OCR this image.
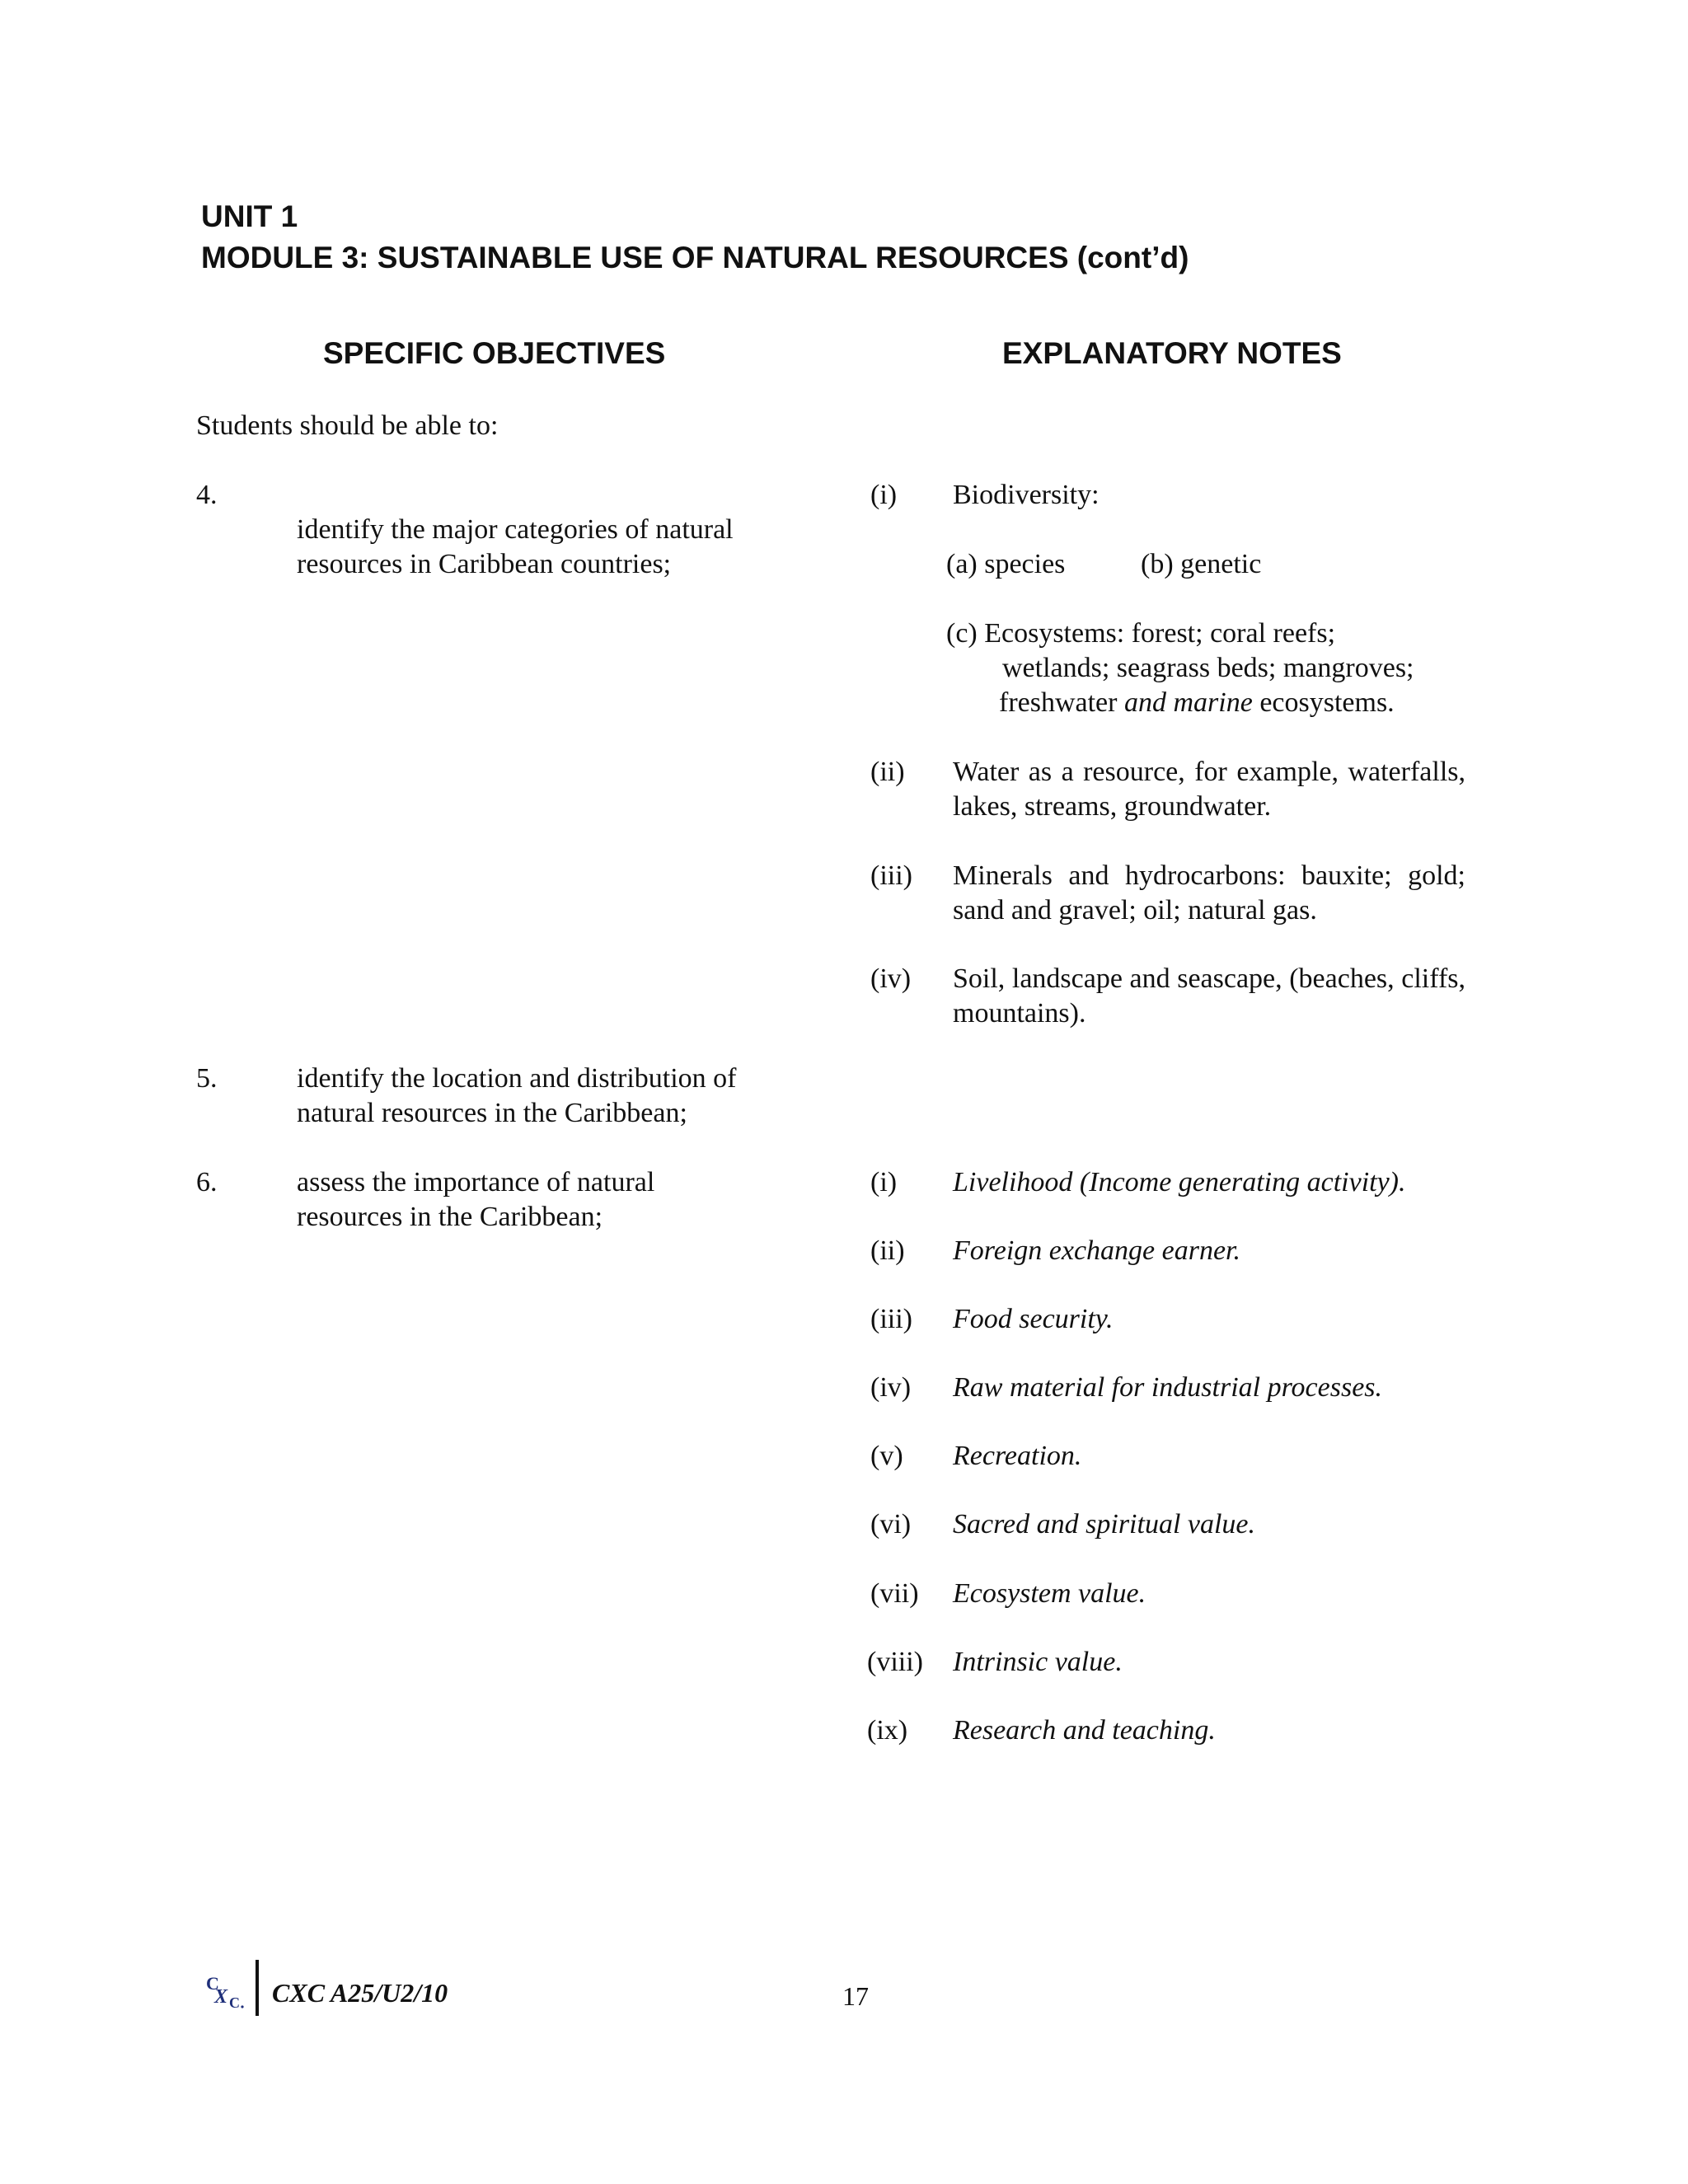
UNIT 1
MODULE 3: SUSTAINABLE USE OF NATURAL RESOURCES (cont’d)
SPECIFIC OBJECTIVES	EXPLANATORY NOTES
Students should be able to:
4.
identify the major categories of natural
resources in Caribbean countries;
5.	identify the location and distribution of
natural resources in the Caribbean;
6.	assess the importance of natural
resources in the Caribbean;
(i) Biodiversity:
(a) species	(b) genetic
(c) Ecosystems: forest; coral reefs;
wetlands; seagrass beds; mangroves;
freshwater and marine ecosystems.
(ii) Water as a resource, for example, waterfalls, lakes, streams, groundwater.
(iii) Minerals and hydrocarbons: bauxite; gold; sand and gravel; oil; natural gas.
(iv) Soil, landscape and seascape, (beaches, cliffs, mountains).
(i) Livelihood (Income generating activity).
(ii) Foreign exchange earner.
(iii) Food security.
(iv) Raw material for industrial processes.
(v) Recreation.
(vi) Sacred and spiritual value.
(vii) Ecosystem value.
(viii) Intrinsic value.
(ix) Research and teaching.
C
X C CXC A25/U2/10	17
